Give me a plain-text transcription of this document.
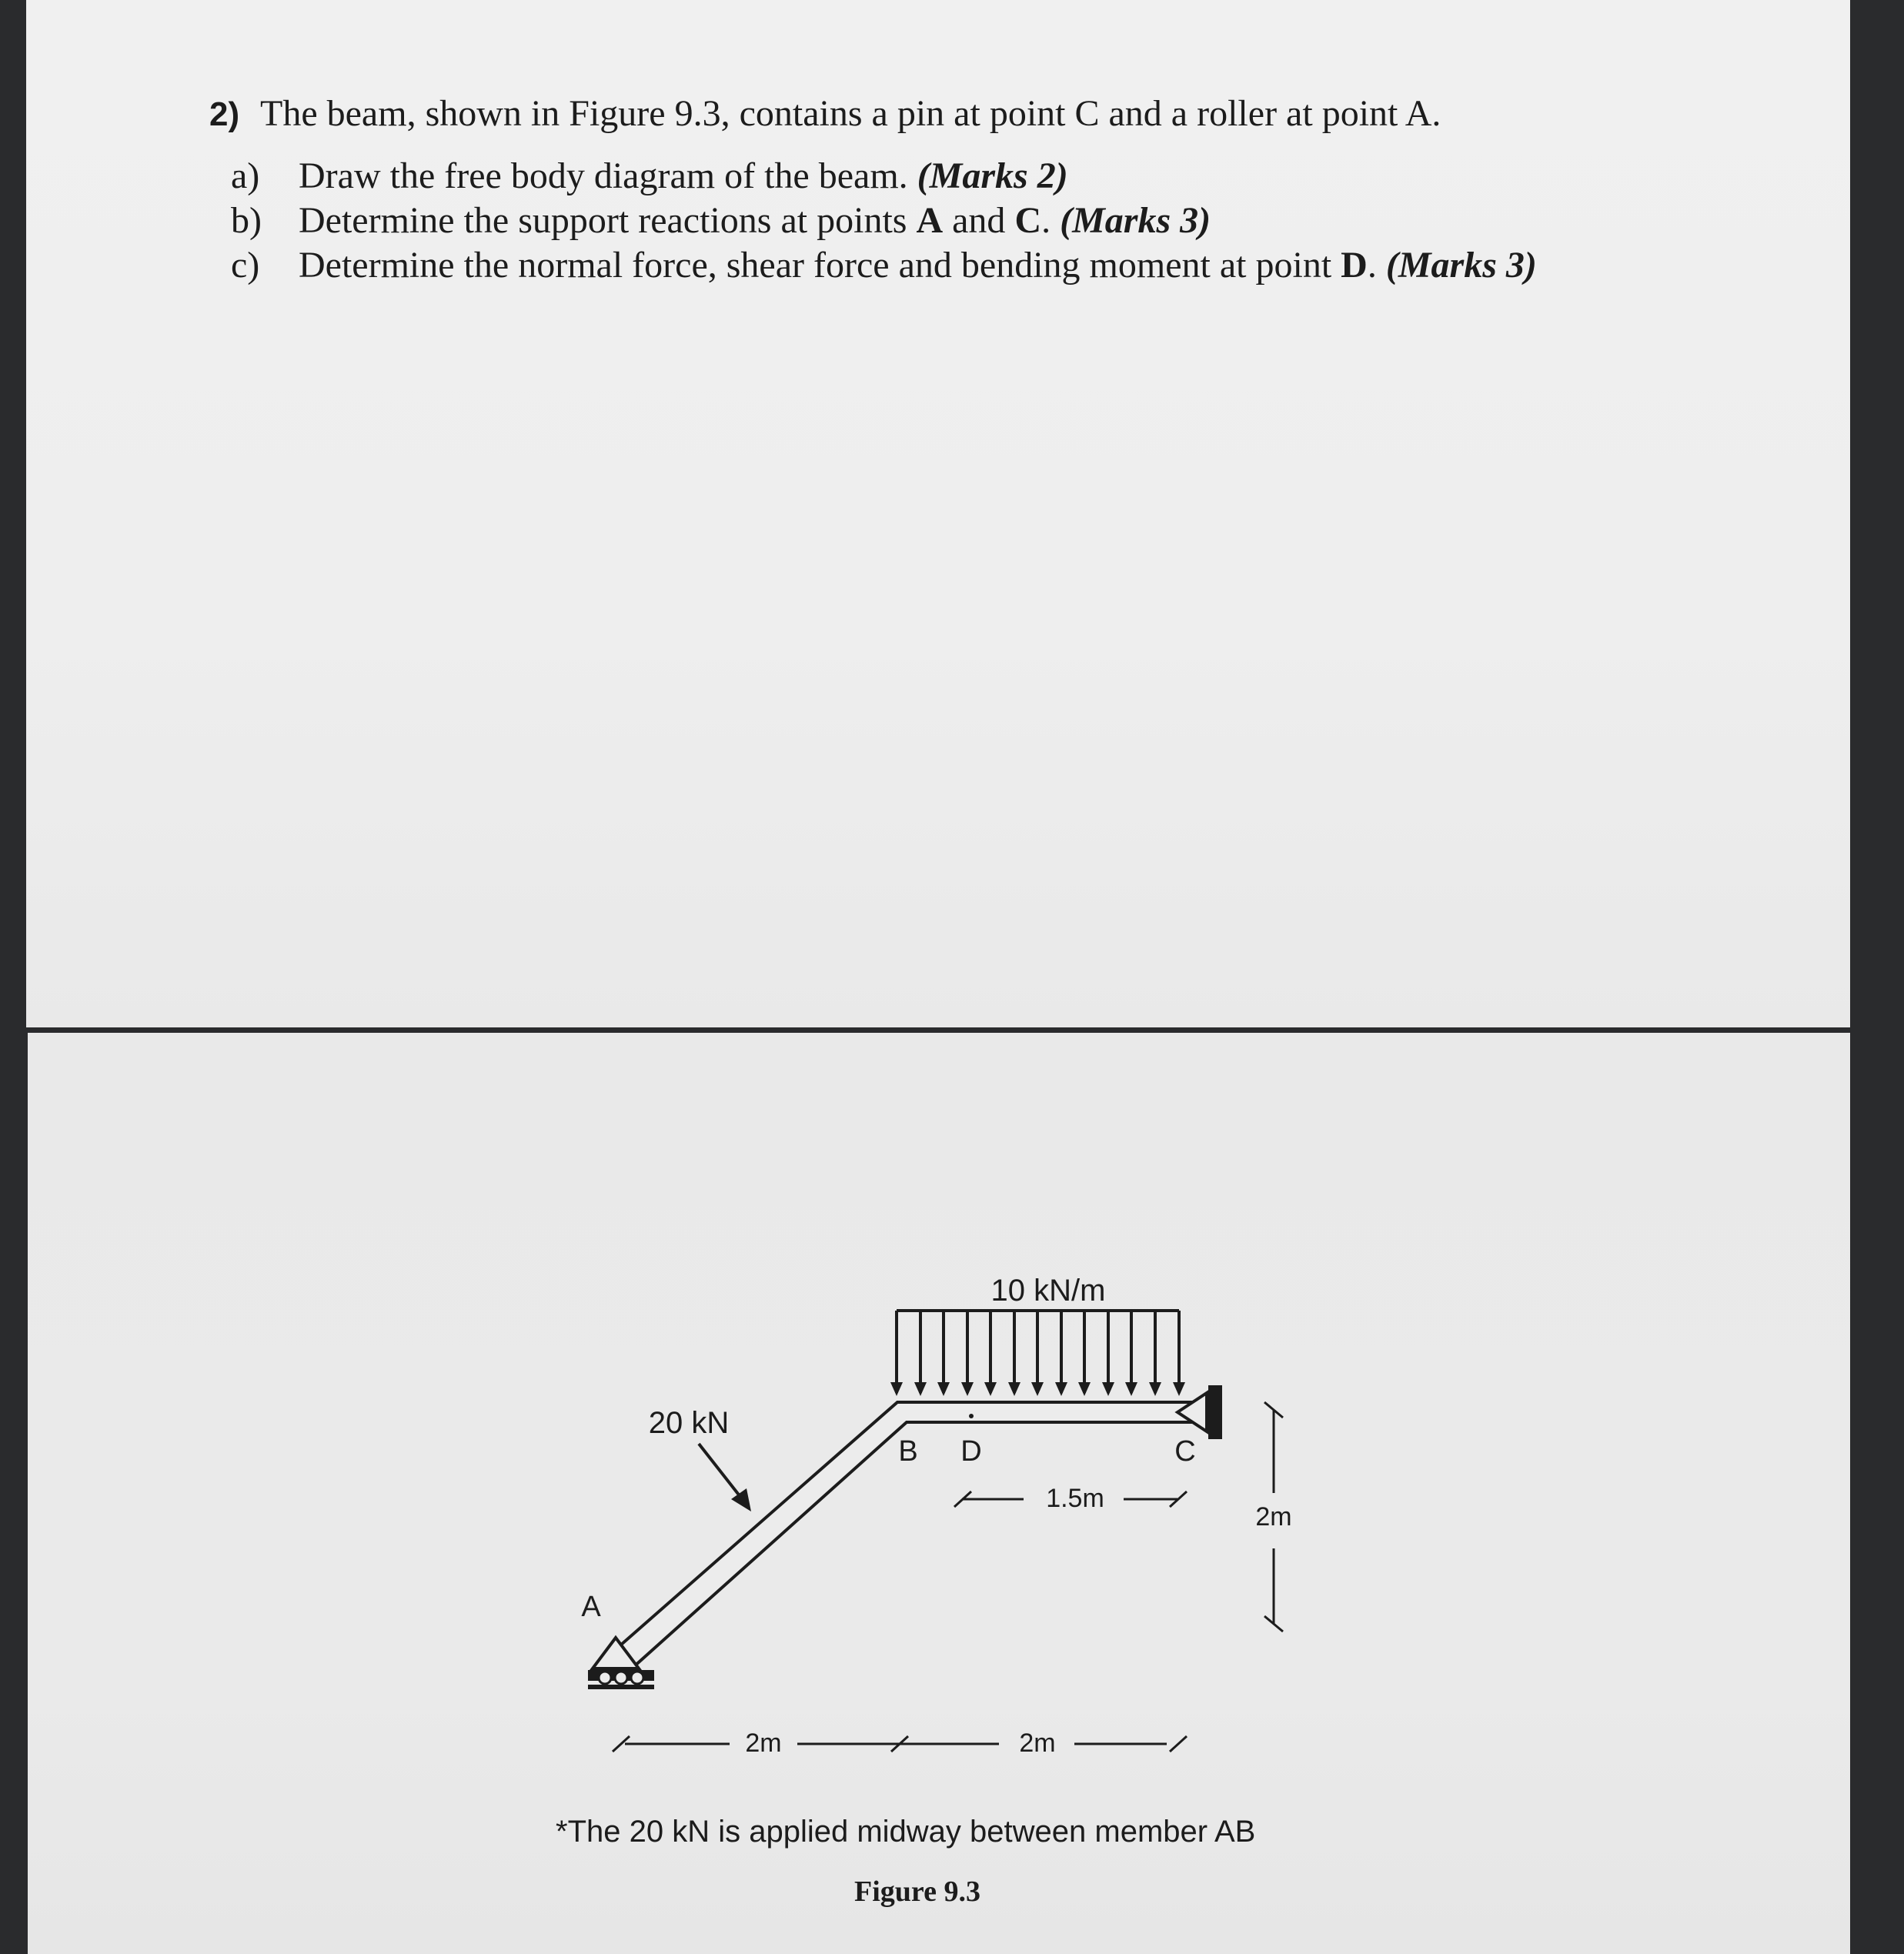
2) The beam, shown in Figure 9.3, contains a pin at point C and a roller at point A.
a) Draw the free body diagram of the beam. (Marks 2)
b) Determine the support reactions at points A and C. (Marks 3)
c) Determine the normal force, shear force and bending moment at point D. (Marks 3)
10 kN/m
20 kN
A
B D	C
1.5m
2m
2m	2m
*The 20 kN is applied midway between member AB
Figure 9.3
